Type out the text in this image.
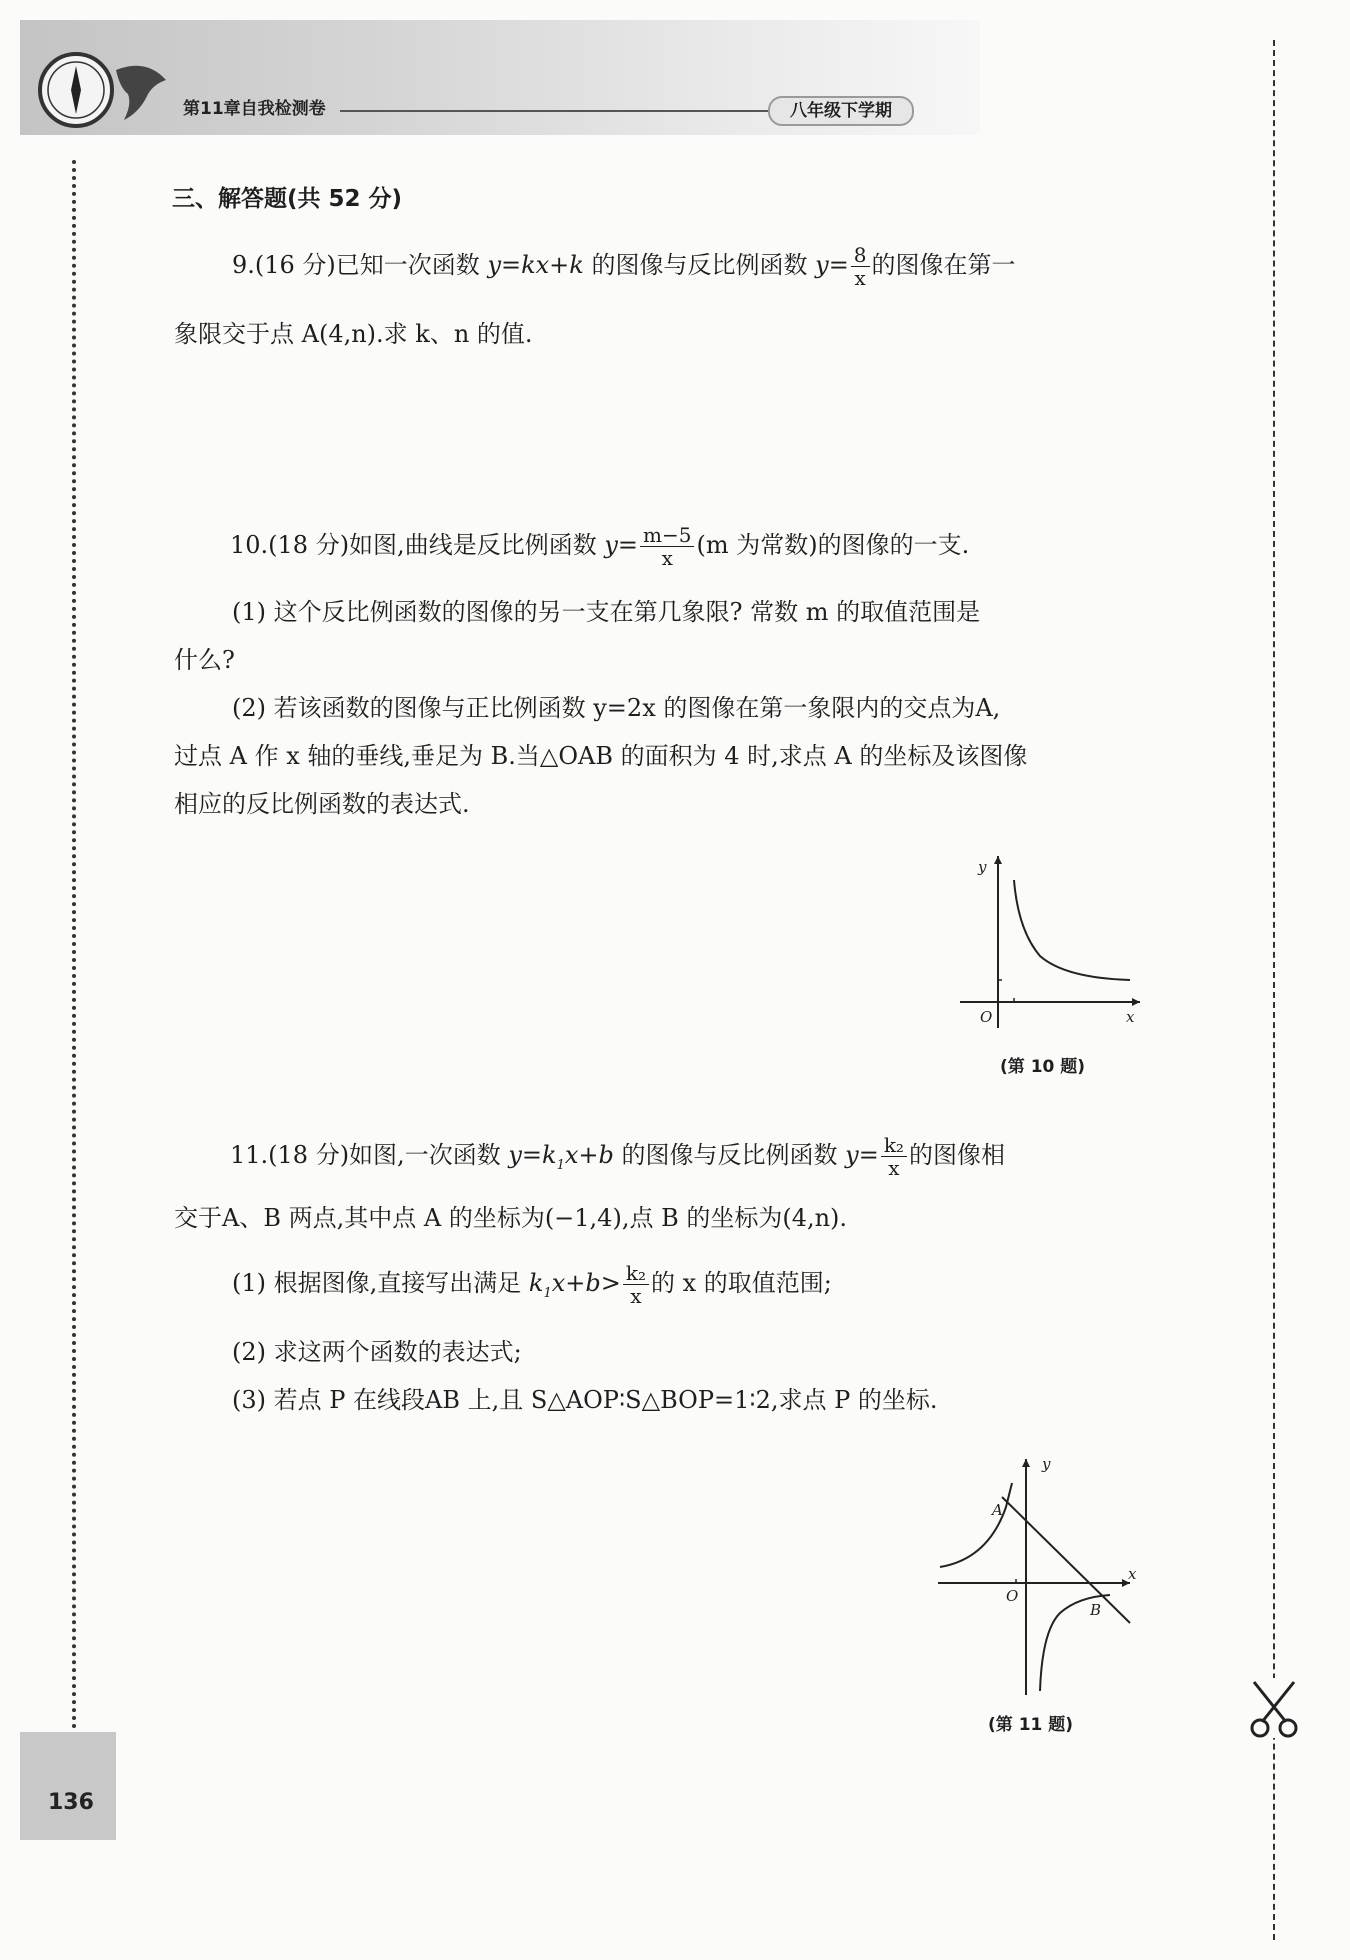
第11章自我检测卷	八年级下学期
三、解答题(共 52 分)
9.(16 分)已知一次函数 y=kx+k 的图像与反比例函数 $y= \frac{8}{x}$ 的图像在第一
象限交于点 A(4,n).求 k、n 的值.
10.(18 分)如图,曲线是反比例函数 $y= \frac{m-5}{x} (m$ 为常数)的图像的一支.
(1) 这个反比例函数的图像的另一支在第几象限? 常数 m 的取值范围是
什么?
(2) 若该函数的图像与正比例函数 y=2x 的图像在第一象限内的交点为A,
过点 A 作 x 轴的垂线,垂足为 B.当△OAB 的面积为 4 时,求点 A 的坐标及该图像
相应的反比例函数的表达式.
y
x
O
(第 10 题)
11.(18 分)如图,一次函数 $y=k_1x+b$ 的图像与反比例函数 $y= \frac{\text{k₂}}{x}$ 的图像相
交于A、B 两点,其中点 A 的坐标为(−1,4),点 B 的坐标为(4,n).
(1) 根据图像,直接写出满足 $k_1x+b> \frac{\text{k₂}}{x}$ 的 x 的取值范围;
(2) 求这两个函数的表达式;
(3) 若点 P 在线段AB 上,且 S△AOP∶S△BOP=1∶2,求点 P 的坐标.
y
x
O
A
B
(第 11 题)
136
